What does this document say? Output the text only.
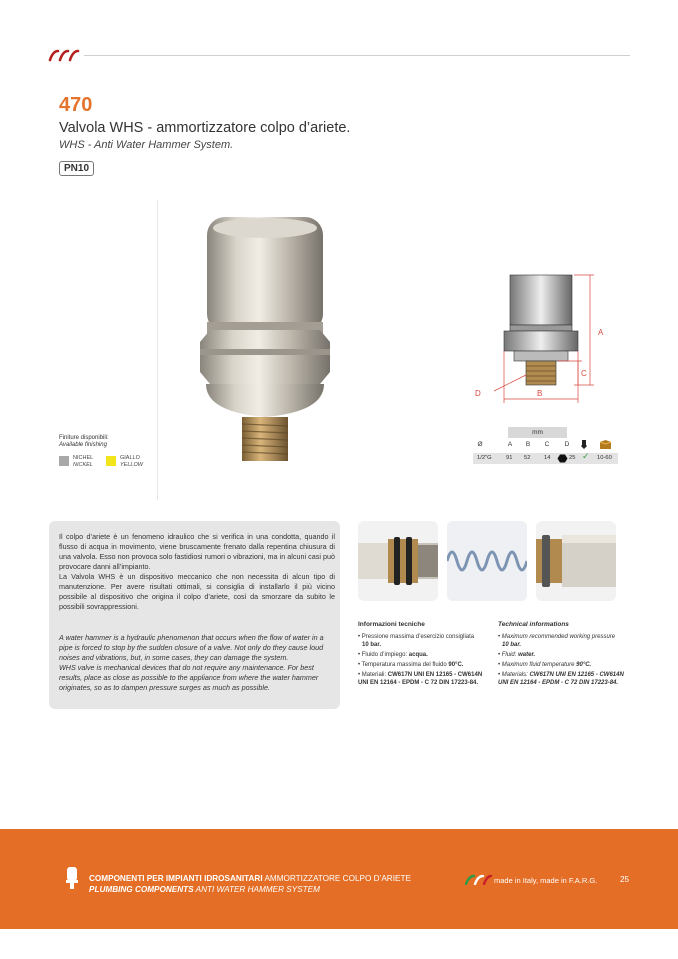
470
Valvola WHS - ammortizzatore colpo d’ariete.
WHS - Anti Water Hammer System.
PN10
Finiture disponibili:
Available finishing
NICHEL
NICKEL
GIALLO
YELLOW
A
C
B
D
mm
Ø	A	B	C	D
1/2"G 91 52 14	25 ✓ 10-60
Il colpo d’ariete è un fenomeno idraulico che si verifica in una condotta, quando il flusso di acqua in movimento, viene bruscamente frenato dalla repentina chiusura di una valvola. Esso non provoca solo fastidiosi rumori o vibrazioni, ma in alcuni casi può provocare danni all’impianto.
La Valvola WHS è un dispositivo meccanico che non necessita di alcun tipo di manutenzione. Per avere risultati ottimali, si consiglia di installarlo il più vicino possibile al dispositivo che origina il colpo d’ariete, così da smorzare da subito le possibili sovrappressioni.
A water hammer is a hydraulic phenomenon that occurs when the flow of water in a pipe is forced to stop by the sudden closure of a valve. Not only do they cause loud noises and vibrations, but, in some cases, they can damage the system.
WHS valve is mechanical devices that do not require any maintenance. For best results, place as close as possible to the appliance from where the water hammer originates, so as to dampen pressure surges as much as possible.
Informazioni tecniche
• Pressione massima d’esercizio consigliata
10 bar.
• Fluido d’impiego: acqua.
• Temperatura massima del fluido 90°C.
• Materiali: CW617N UNI EN 12165 - CW614N UNI EN 12164 - EPDM - C 72 DIN 17223-84.
Technical informations
• Maximum recommended working pressure
10 bar.
• Fluid: water.
• Maximum fluid temperature 90°C.
• Materials: CW617N UNI EN 12165 - CW614N UNI EN 12164 - EPDM - C 72 DIN 17223-84.
COMPONENTI PER IMPIANTI IDROSANITARI AMMORTIZZATORE COLPO D’ARIETE
PLUMBING COMPONENTS ANTI WATER HAMMER SYSTEM
made in Italy, made in F.A.R.G.	25
